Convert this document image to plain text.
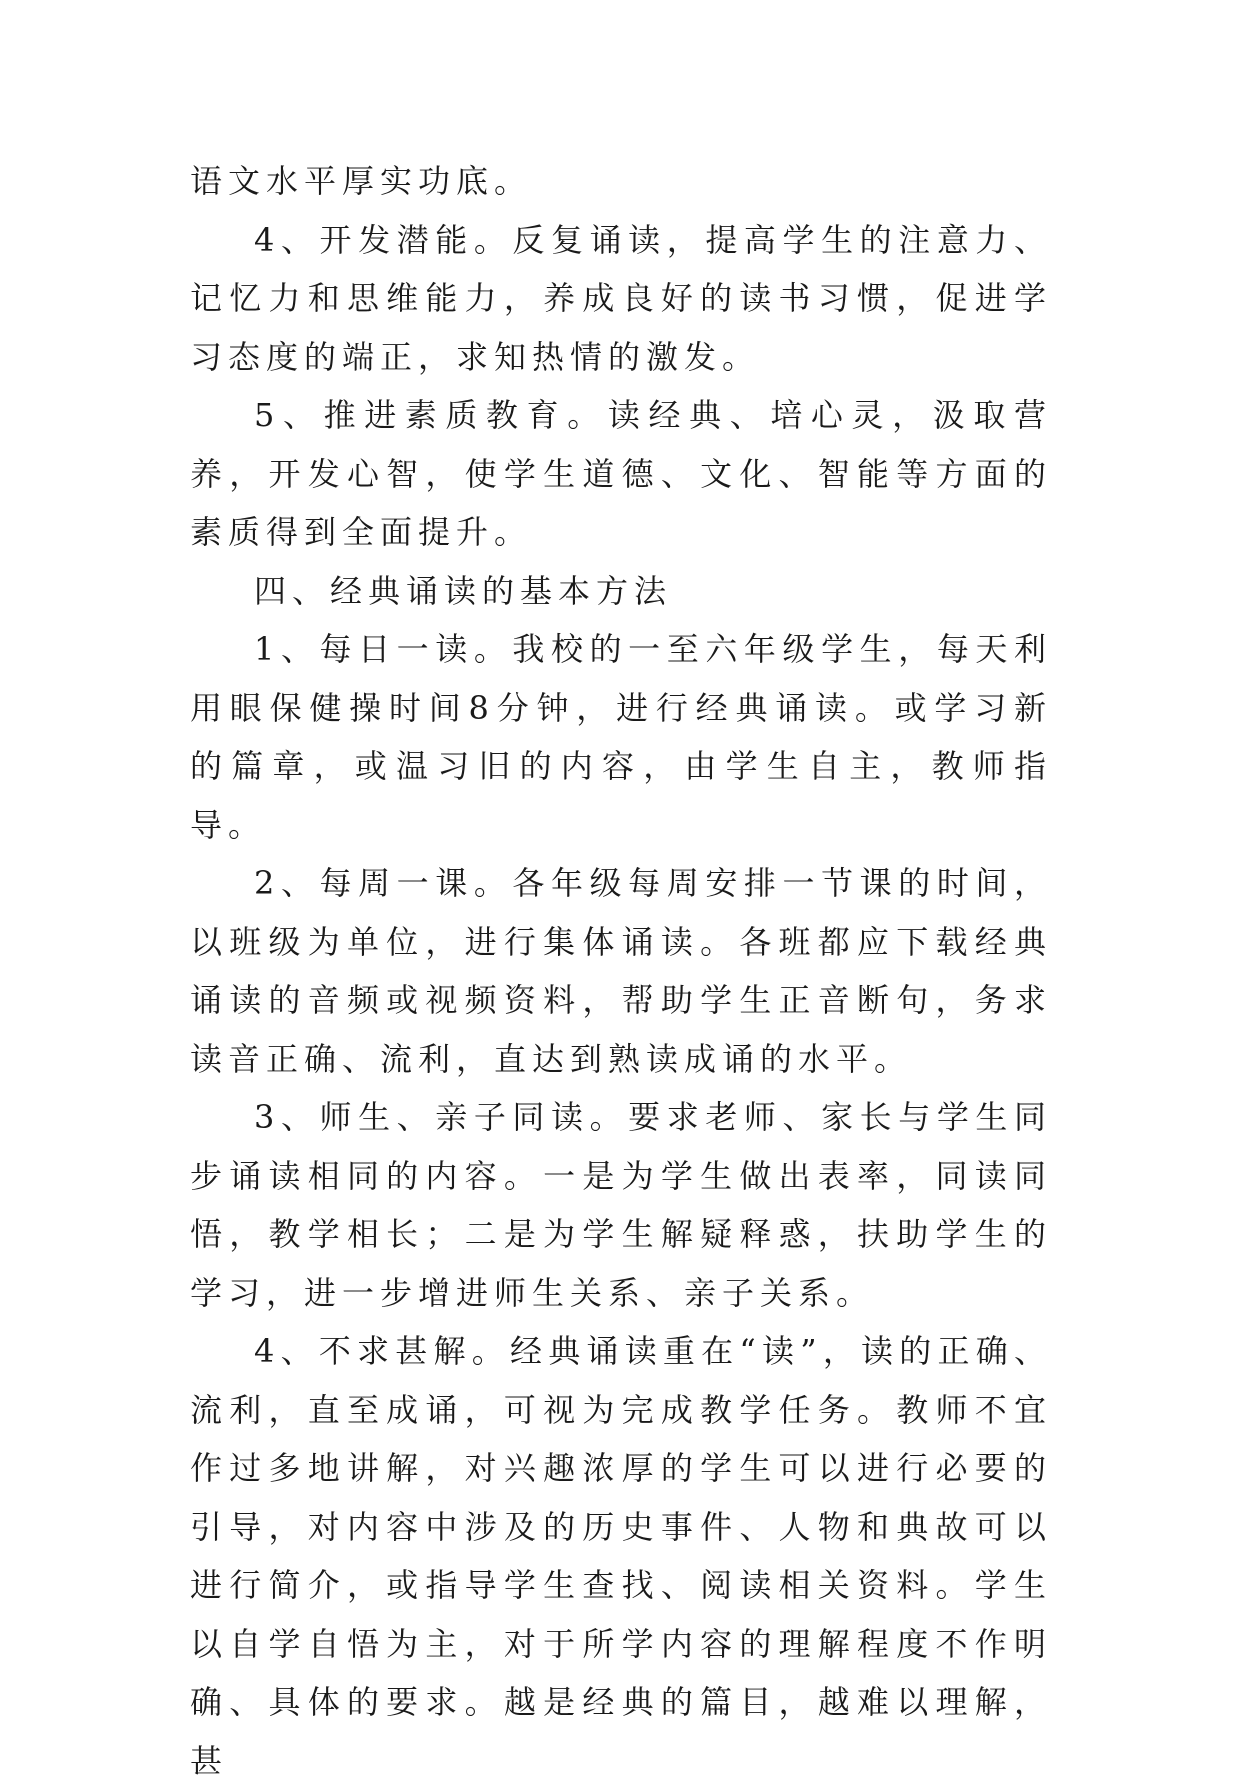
语文水平厚实功底。

4、开发潜能。反复诵读，提高学生的注意力、记忆力和思维能力，养成良好的读书习惯，促进学习态度的端正，求知热情的激发。

5、推进素质教育。读经典、培心灵，汲取营养，开发心智，使学生道德、文化、智能等方面的素质得到全面提升。

四、经典诵读的基本方法

1、每日一读。我校的一至六年级学生，每天利用眼保健操时间8分钟，进行经典诵读。或学习新的篇章，或温习旧的内容，由学生自主，教师指导。

2、每周一课。各年级每周安排一节课的时间，以班级为单位，进行集体诵读。各班都应下载经典诵读的音频或视频资料，帮助学生正音断句，务求读音正确、流利，直达到熟读成诵的水平。

3、师生、亲子同读。要求老师、家长与学生同步诵读相同的内容。一是为学生做出表率，同读同悟，教学相长；二是为学生解疑释惑，扶助学生的学习，进一步增进师生关系、亲子关系。

4、不求甚解。经典诵读重在“读”，读的正确、流利，直至成诵，可视为完成教学任务。教师不宜作过多地讲解，对兴趣浓厚的学生可以进行必要的引导，对内容中涉及的历史事件、人物和典故可以进行简介，或指导学生查找、阅读相关资料。学生以自学自悟为主，对于所学内容的理解程度不作明确、具体的要求。越是经典的篇目，越难以理解，甚
